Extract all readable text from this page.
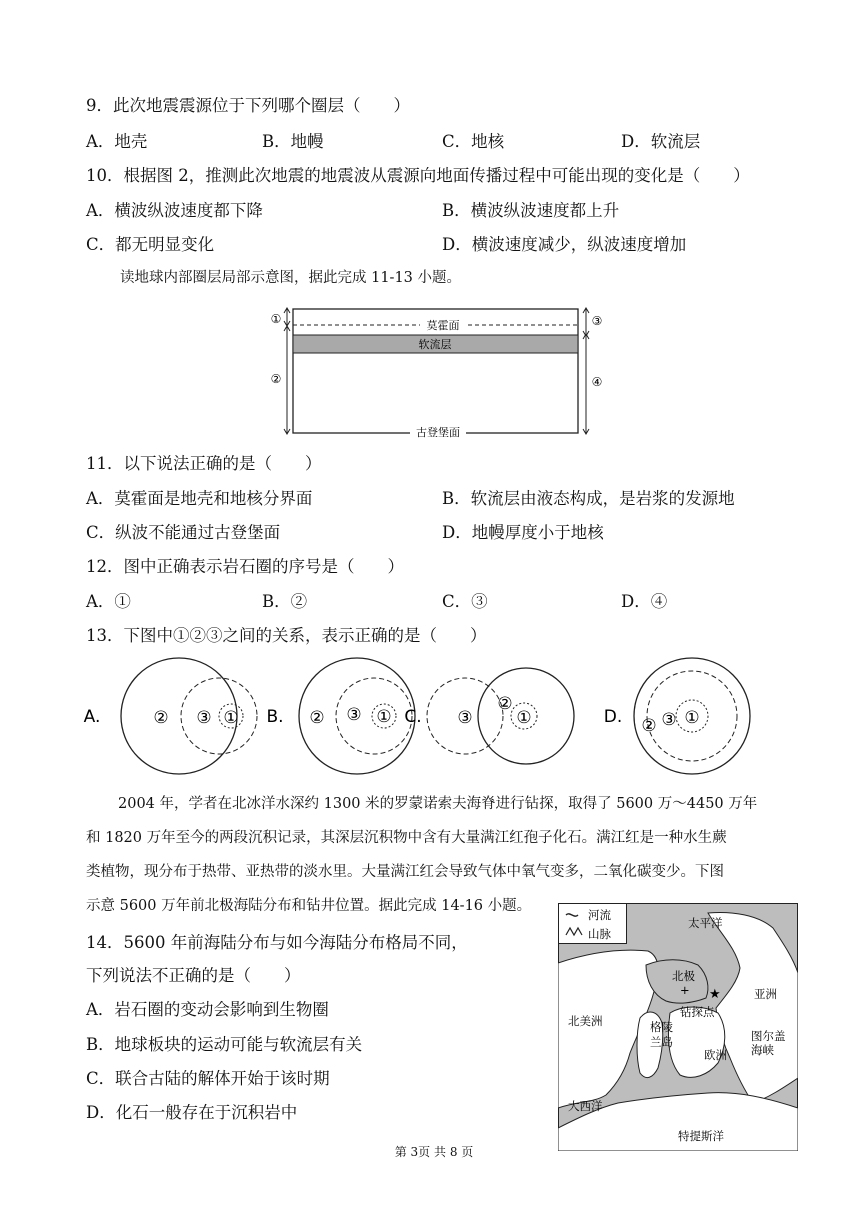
9．此次地震震源位于下列哪个圈层（　　）
A．地壳	B．地幔	C．地核	D．软流层
10．根据图 2，推测此次地震的地震波从震源向地面传播过程中可能出现的变化是（　　）
A．横波纵波速度都下降	B．横波纵波速度都上升
C．都无明显变化	D．横波速度减少，纵波速度增加
读地球内部圈层局部示意图，据此完成 11-13 小题。
莫霍面
软流层
古登堡面
①
②
③
④
11．以下说法正确的是（　　）
A．莫霍面是地壳和地核分界面	B．软流层由液态构成，是岩浆的发源地
C．纵波不能通过古登堡面	D．地幔厚度小于地核
12．图中正确表示岩石圈的序号是（　　）
A．①	B．②	C．③	D．④
13．下图中①②③之间的关系，表示正确的是（　　）
A.	② ③ ① B. ② ③ ① C. ③
②
①	D. ② ③ ①
2004 年，学者在北冰洋水深约 1300 米的罗蒙诺索夫海脊进行钻探，取得了 5600 万～4450 万年
和 1820 万年至今的两段沉积记录，其深层沉积物中含有大量满江红孢子化石。满江红是一种水生蕨
类植物，现分布于热带、亚热带的淡水里。大量满江红会导致气体中氧气变多，二氧化碳变少。下图
示意 5600 万年前北极海陆分布和钻井位置。据此完成 14-16 小题。
14．5600 年前海陆分布与如今海陆分布格局不同，
下列说法不正确的是（　　）
A．岩石圈的变动会影响到生物圈
B．地球板块的运动可能与软流层有关
C．联合古陆的解体开始于该时期
D．化石一般存在于沉积岩中
河流
山脉
太平洋
北极
+ ★
钻探点
亚洲
北美洲	格陵
兰岛
欧洲
图尔盖
海峡
大西洋
特提斯洋
第 3页 共 8 页
